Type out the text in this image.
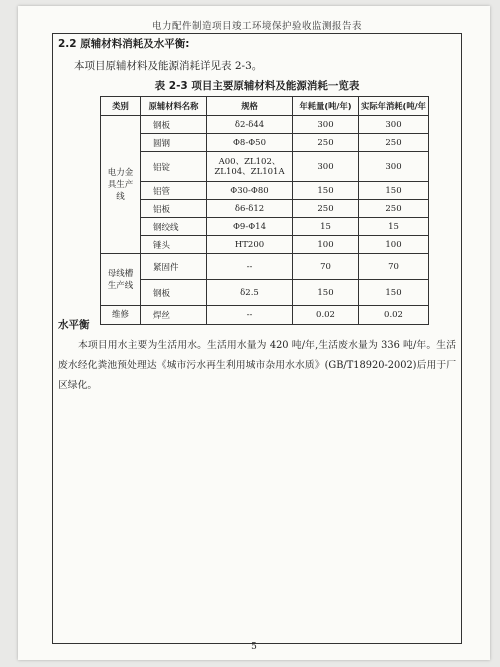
电力配件制造项目竣工环境保护验收监测报告表
2.2 原辅材料消耗及水平衡:
本项目原辅材料及能源消耗详见表 2-3。
表 2-3 项目主要原辅材料及能源消耗一览表
类别	原辅材料名称	规格	年耗量(吨/年)	实际年消耗(吨/年

电力金具生产线	钢板	δ2-δ44	300	300
	圆钢	Φ8-Φ50	250	250
	铝锭	A00、ZL102、ZL104、ZL101A	300	300
	铝管	Φ30-Φ80	150	150
	铝板	δ6-δ12	250	250
	钢绞线	Φ9-Φ14	15	15
	锤头	HT200	100	100

母线槽生产线	紧固件	--	70	70
	钢板	δ2.5	150	150
维修	焊丝	--	0.02	0.02
水平衡
本项目用水主要为生活用水。生活用水量为 420 吨/年,生活废水量为 336 吨/年。生活废水经化粪池预处理达《城市污水再生利用城市杂用水水质》(GB/T18920-2002)后用于厂区绿化。
5
